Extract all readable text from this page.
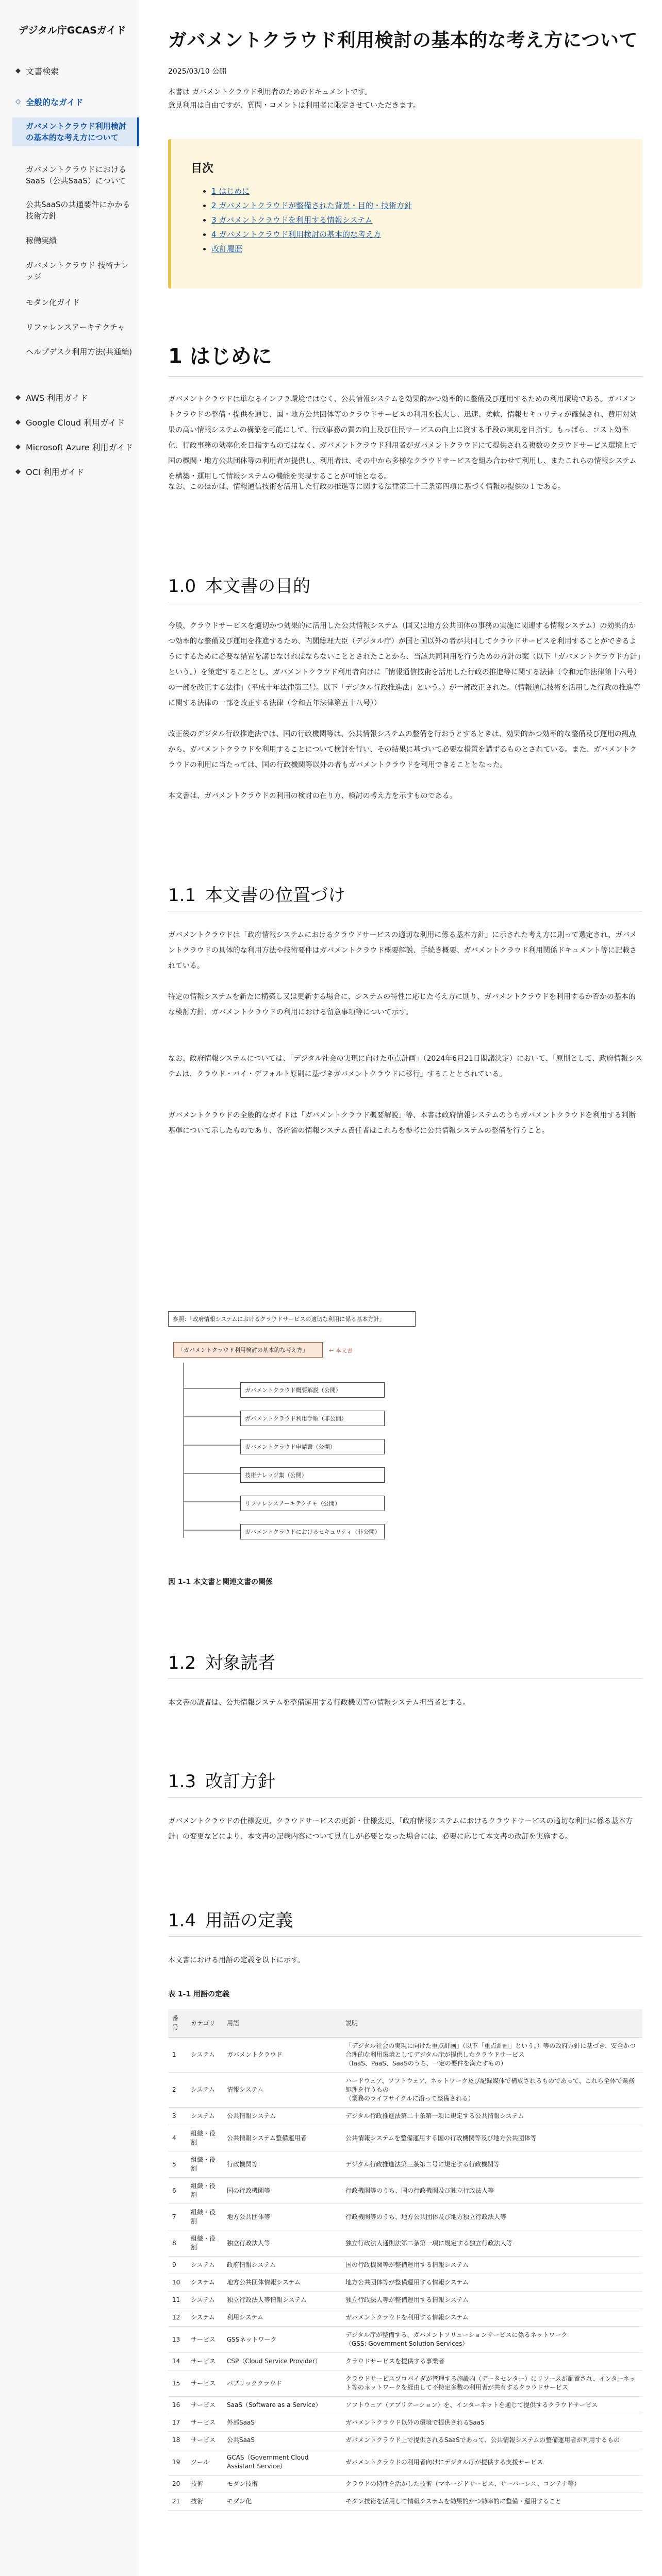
デジタル庁GCASガイド
◆ 文書検索
◇ 全般的なガイド
ガバメントクラウド利用検討の基本的な考え方について
ガバメントクラウドにおけるSaaS（公共SaaS）について
公共SaaSの共通要件にかかる技術方針
稼働実績
ガバメントクラウド 技術ナレッジ
モダン化ガイド
リファレンスアーキテクチャ
ヘルプデスク利用方法(共通編)
◆ AWS 利用ガイド
◆ Google Cloud 利用ガイド
◆ Microsoft Azure 利用ガイド
◆ OCI 利用ガイド
ガバメントクラウド利用検討の基本的な考え方について
2025/03/10 公開
本書は ガバメントクラウド利用者のためのドキュメントです。
意見利用は自由ですが、質問・コメントは利用者に限定させていただきます。
目次
• 1 はじめに
• 2 ガバメントクラウドが整備された背景・目的・技術方針
• 3 ガバメントクラウドを利用する情報システム
• 4 ガバメントクラウド利用検討の基本的な考え方
• 改訂履歴
1 はじめに

ガバメントクラウドは単なるインフラ環境ではなく、公共情報システムを効果的かつ効率的に整備及び運用するための利用環境である。ガバメントクラウドの整備・提供を通じ、国・地方公共団体等のクラウドサービスの利用を拡大し、迅速、柔軟、情報セキュリティが確保され、費用対効果の高い情報システムの構築を可能にして、行政事務の質の向上及び住民サービスの向上に資する手段の実現を目指す。もっぱら、コスト効率化、行政事務の効率化を目指すものではなく、ガバメントクラウド利用者がガバメントクラウドにて提供される複数のクラウドサービス環境上で国の機関・地方公共団体等の利用者が提供し、利用者は、その中から多様なクラウドサービスを組み合わせて利用し、またこれらの情報システムを構築・運用して情報システムの機能を実現することが可能となる。

なお、このほかは、情報通信技術を活用した行政の推進等に関する法律第三十三条第四項に基づく情報の提供の１である。

1.0 本文書の目的

今般、クラウドサービスを適切かつ効果的に活用した公共情報システム（国又は地方公共団体の事務の実施に関連する情報システム）の効果的かつ効率的な整備及び運用を推進するため、内閣総理大臣（デジタル庁）が国と国以外の者が共同してクラウドサービスを利用することができるようにするために必要な措置を講じなければならないこととされたことから、当該共同利用を行うための方針の案（以下「ガバメントクラウド方針」という。）を策定することとし、ガバメントクラウド利用者向けに「情報通信技術を活用した行政の推進等に関する法律（令和元年法律第十六号）の一部を改正する法律」（平成十年法律第三号。以下「デジタル行政推進法」という。）が一部改正された。（情報通信技術を活用した行政の推進等に関する法律の一部を改正する法律（令和五年法律第五十八号））

改正後のデジタル行政推進法では、国の行政機関等は、公共情報システムの整備を行おうとするときは、効果的かつ効率的な整備及び運用の観点から、ガバメントクラウドを利用することについて検討を行い、その結果に基づいて必要な措置を講ずるものとされている。また、ガバメントクラウドの利用に当たっては、国の行政機関等以外の者もガバメントクラウドを利用できることとなった。

本文書は、ガバメントクラウドの利用の検討の在り方、検討の考え方を示すものである。

1.1 本文書の位置づけ

ガバメントクラウドは「政府情報システムにおけるクラウドサービスの適切な利用に係る基本方針」に示された考え方に則って選定され、ガバメントクラウドの具体的な利用方法や技術要件はガバメントクラウド概要解説、手続き概要、ガバメントクラウド利用関係ドキュメント等に記載されている。

特定の情報システムを新たに構築し又は更新する場合に、システムの特性に応じた考え方に則り、ガバメントクラウドを利用するか否かの基本的な検討方針、ガバメントクラウドの利用における留意事項等について示す。

なお、政府情報システムについては、「デジタル社会の実現に向けた重点計画」（2024年6月21日閣議決定）において、「原則として、政府情報システムは、クラウド・バイ・デフォルト原則に基づきガバメントクラウドに移行」することとされている。

ガバメントクラウドの全般的なガイドは「ガバメントクラウド概要解説」等、本書は政府情報システムのうちガバメントクラウドを利用する判断基準について示したものであり、各府省の情報システム責任者はこれらを参考に公共情報システムの整備を行うこと。

参照：「政府情報システムにおけるクラウドサービスの適切な利用に係る基本方針」
「ガバメントクラウド利用検討の基本的な考え方」	← 本文書
ガバメントクラウド概要解説（公開）
ガバメントクラウド利用手順（非公開）
ガバメントクラウド申請書（公開）
技術ナレッジ集（公開）
リファレンスアーキテクチャ（公開）
ガバメントクラウドにおけるセキュリティ（非公開）
図 1-1 本文書と関連文書の関係
1.2 対象読者

本文書の読者は、公共情報システムを整備運用する行政機関等の情報システム担当者とする。

1.3 改訂方針

ガバメントクラウドの仕様変更、クラウドサービスの更新・仕様変更、「政府情報システムにおけるクラウドサービスの適切な利用に係る基本方針」の変更などにより、本文書の記載内容について見直しが必要となった場合には、必要に応じて本文書の改訂を実施する。

1.4 用語の定義

本文書における用語の定義を以下に示す。

表 1-1 用語の定義
番号	カテゴリ	用語	説明
1	システム	ガバメントクラウド	「デジタル社会の実現に向けた重点計画」（以下「重点計画」という。）等の政府方針に基づき、安全かつ合理的な利用環境としてデジタル庁が提供したクラウドサービス
（IaaS、PaaS、SaaSのうち、一定の要件を満たすもの）
2	システム	情報システム	ハードウェア、ソフトウェア、ネットワーク及び記録媒体で構成されるものであって、これら全体で業務処理を行うもの
（業務のライフサイクルに沿って整備される）
3	システム	公共情報システム	デジタル行政推進法第二十条第一項に規定する公共情報システム
4	組織・役割	公共情報システム整備運用者	公共情報システムを整備運用する国の行政機関等及び地方公共団体等
5	組織・役割	行政機関等	デジタル行政推進法第三条第二号に規定する行政機関等
6	組織・役割	国の行政機関等	行政機関等のうち、国の行政機関及び独立行政法人等
7	組織・役割	地方公共団体等	行政機関等のうち、地方公共団体及び地方独立行政法人等
8	組織・役割	独立行政法人等	独立行政法人通則法第二条第一項に規定する独立行政法人等
9	システム	政府情報システム	国の行政機関等が整備運用する情報システム
10	システム	地方公共団体情報システム	地方公共団体等が整備運用する情報システム
11	システム	独立行政法人等情報システム	独立行政法人等が整備運用する情報システム
12	システム	利用システム	ガバメントクラウドを利用する情報システム
13	サービス	GSSネットワーク	デジタル庁が整備する、ガバメントソリューションサービスに係るネットワーク
（GSS: Government Solution Services）
14	サービス	CSP（Cloud Service Provider）	クラウドサービスを提供する事業者
15	サービス	パブリッククラウド	クラウドサービスプロバイダが管理する施設内（データセンター）にリソースが配置され、インターネット等のネットワークを経由して不特定多数の利用者が共有するクラウドサービス
16	サービス	SaaS（Software as a Service）	ソフトウェア（アプリケーション）を、インターネットを通じて提供するクラウドサービス
17	サービス	外部SaaS	ガバメントクラウド以外の環境で提供されるSaaS
18	サービス	公共SaaS	ガバメントクラウド上で提供されるSaaSであって、公共情報システムの整備運用者が利用するもの
19	ツール	GCAS（Government Cloud Assistant Service）	ガバメントクラウドの利用者向けにデジタル庁が提供する支援サービス
20	技術	モダン技術	クラウドの特性を活かした技術（マネージドサービス、サーバーレス、コンテナ等）
21	技術	モダン化	モダン技術を活用して情報システムを効果的かつ効率的に整備・運用すること
